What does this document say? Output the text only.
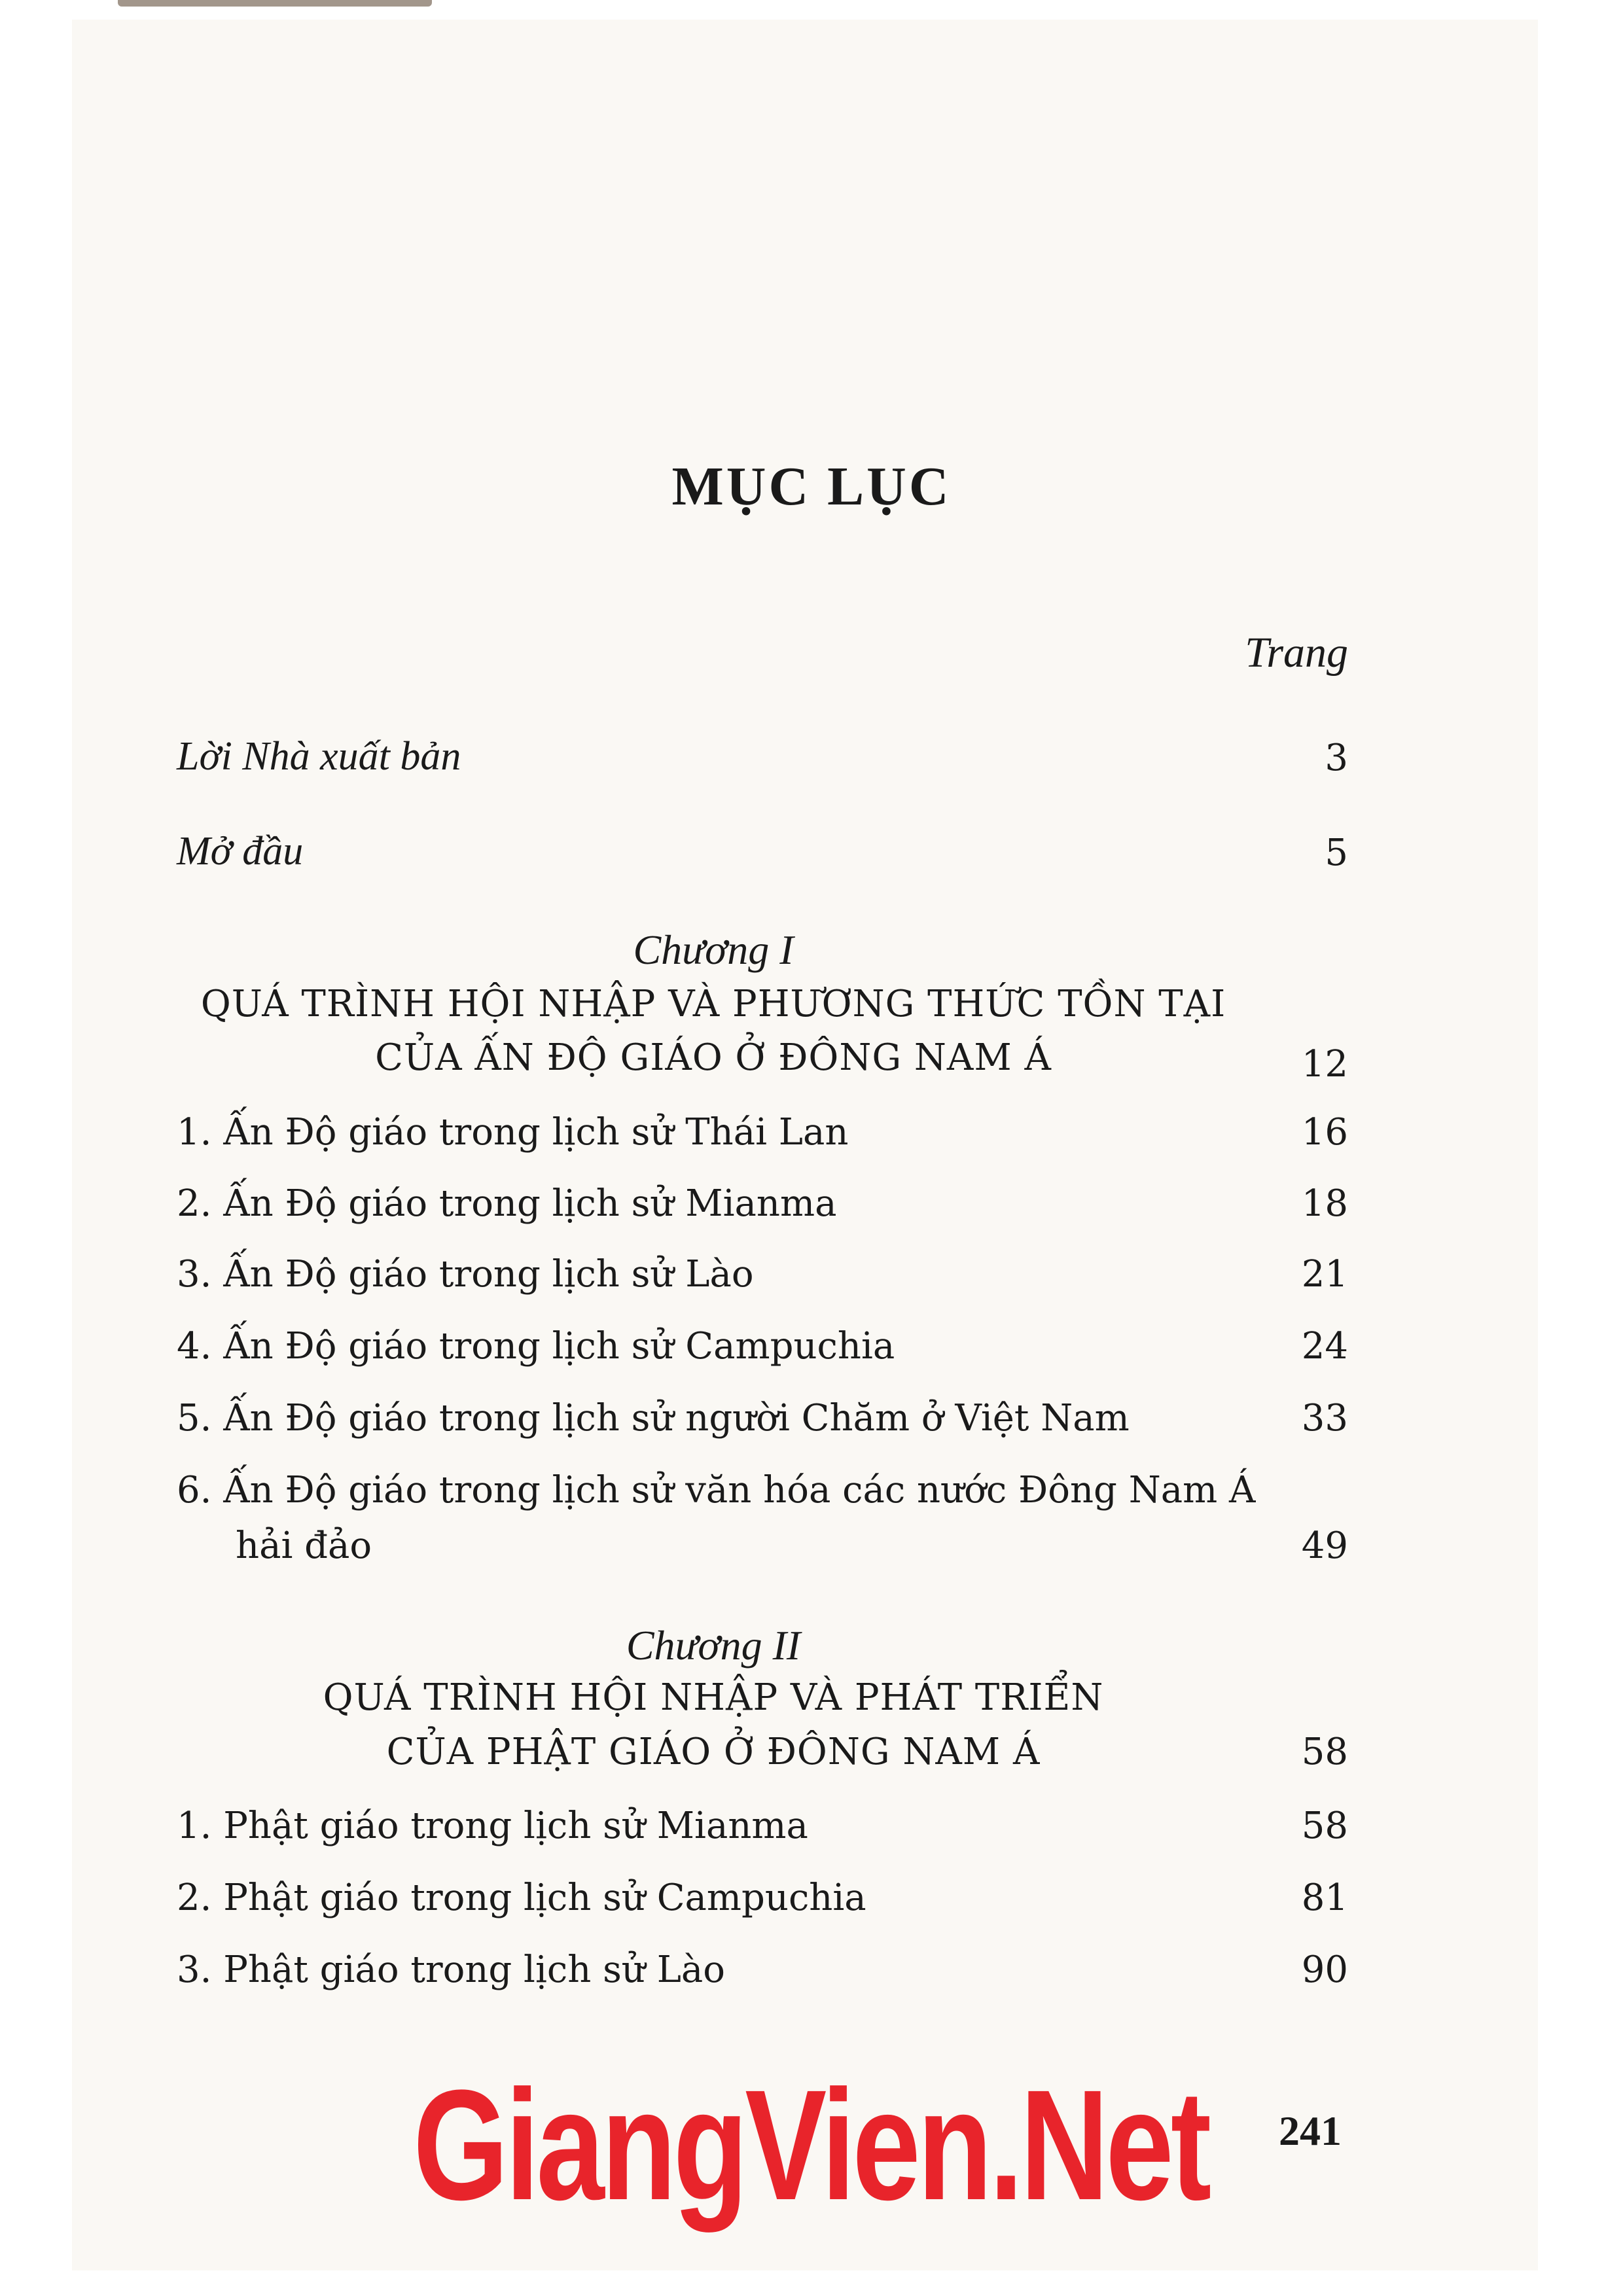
MỤC LỤC
Trang
Lời Nhà xuất bản	3
Mở đầu	5
Chương I
QUÁ TRÌNH HỘI NHẬP VÀ PHƯƠNG THỨC TỒN TẠI
CỦA ẤN ĐỘ GIÁO Ở ĐÔNG NAM Á	12
1. Ấn Độ giáo trong lịch sử Thái Lan	16
2. Ấn Độ giáo trong lịch sử Mianma	18
3. Ấn Độ giáo trong lịch sử Lào	21
4. Ấn Độ giáo trong lịch sử Campuchia	24
5. Ấn Độ giáo trong lịch sử người Chăm ở Việt Nam	33
6. Ấn Độ giáo trong lịch sử văn hóa các nước Đông Nam Á
hải đảo	49
Chương II
QUÁ TRÌNH HỘI NHẬP VÀ PHÁT TRIỂN
CỦA PHẬT GIÁO Ở ĐÔNG NAM Á	58
1. Phật giáo trong lịch sử Mianma	58
2. Phật giáo trong lịch sử Campuchia	81
3. Phật giáo trong lịch sử Lào	90
GiangVien.Net	241
